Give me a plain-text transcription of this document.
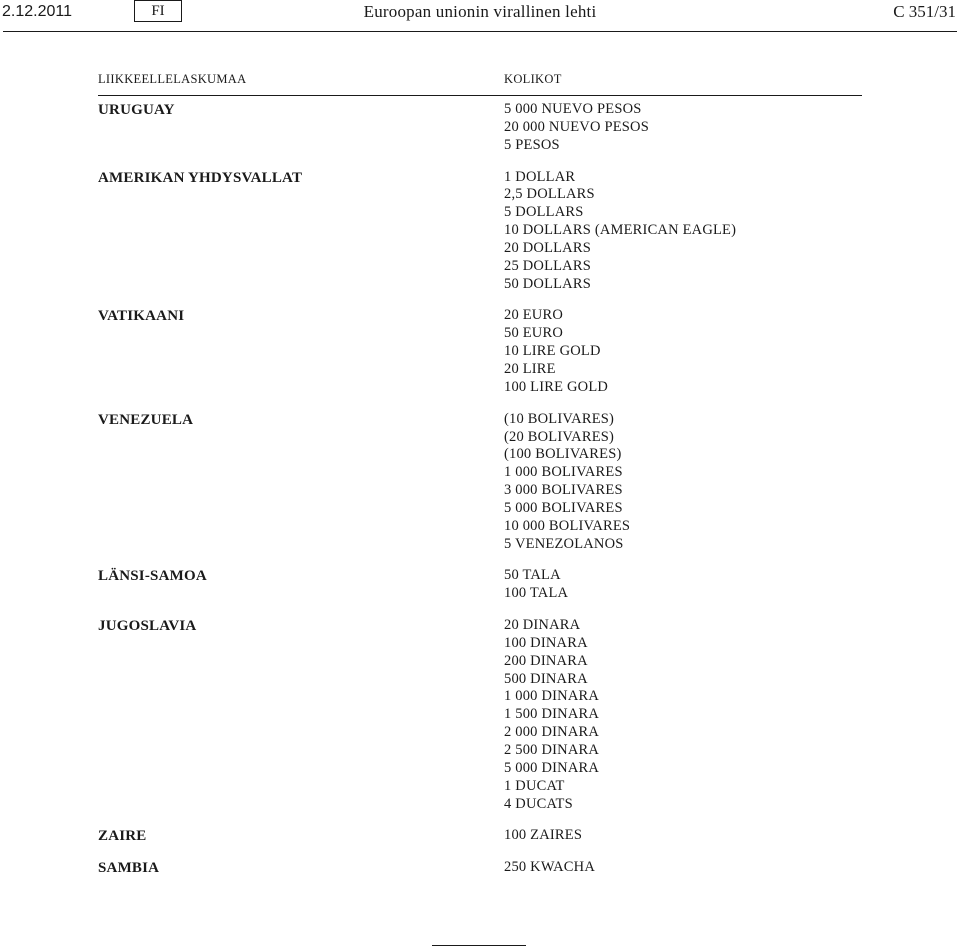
2.12.2011	FI	Euroopan unionin virallinen lehti	C 351/31
LIIKKEELLELASKUMAA	KOLIKOT
URUGUAY	5 000 NUEVO PESOS
20 000 NUEVO PESOS
5 PESOS
AMERIKAN YHDYSVALLAT	1 DOLLAR
2,5 DOLLARS
5 DOLLARS
10 DOLLARS (AMERICAN EAGLE)
20 DOLLARS
25 DOLLARS
50 DOLLARS
VATIKAANI	20 EURO
50 EURO
10 LIRE GOLD
20 LIRE
100 LIRE GOLD
VENEZUELA	(10 BOLIVARES)
(20 BOLIVARES)
(100 BOLIVARES)
1 000 BOLIVARES
3 000 BOLIVARES
5 000 BOLIVARES
10 000 BOLIVARES
5 VENEZOLANOS
LÄNSI-SAMOA	50 TALA
100 TALA
JUGOSLAVIA	20 DINARA
100 DINARA
200 DINARA
500 DINARA
1 000 DINARA
1 500 DINARA
2 000 DINARA
2 500 DINARA
5 000 DINARA
1 DUCAT
4 DUCATS
ZAIRE	100 ZAIRES
SAMBIA	250 KWACHA
